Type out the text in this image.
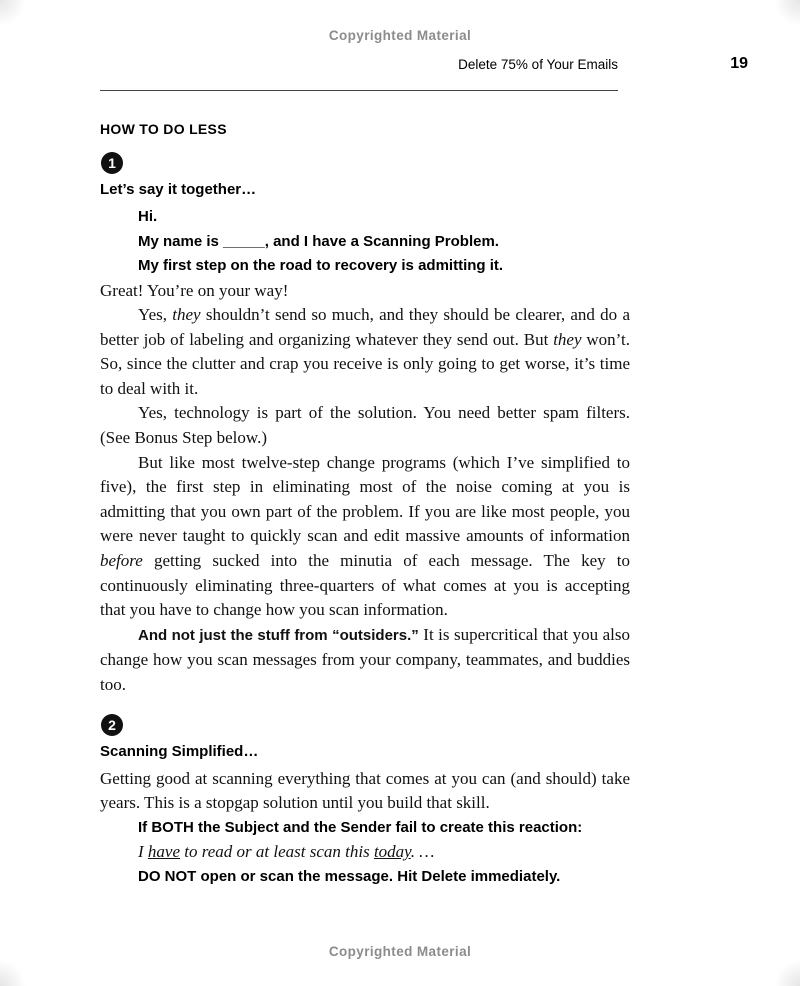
Copyrighted Material
Delete 75% of Your Emails	19
HOW TO DO LESS
1
Let’s say it together…
Hi.
My name is _____, and I have a Scanning Problem.
My first step on the road to recovery is admitting it.

Great! You’re on your way!

Yes, they shouldn’t send so much, and they should be clearer, and do a better job of labeling and organizing whatever they send out. But they won’t. So, since the clutter and crap you receive is only going to get worse, it’s time to deal with it.

Yes, technology is part of the solution. You need better spam filters. (See Bonus Step below.)

But like most twelve-step change programs (which I’ve simplified to five), the first step in eliminating most of the noise coming at you is admitting that you own part of the problem. If you are like most people, you were never taught to quickly scan and edit massive amounts of information before getting sucked into the minutia of each message. The key to continuously eliminating three-quarters of what comes at you is accepting that you have to change how you scan information.

And not just the stuff from “outsiders.” It is supercritical that you also change how you scan messages from your company, teammates, and buddies too.

2
Scanning Simplified…

Getting good at scanning everything that comes at you can (and should) take years. This is a stopgap solution until you build that skill.

If BOTH the Subject and the Sender fail to create this reaction:
I have to read or at least scan this today. …
DO NOT open or scan the message. Hit Delete immediately.
Copyrighted Material
